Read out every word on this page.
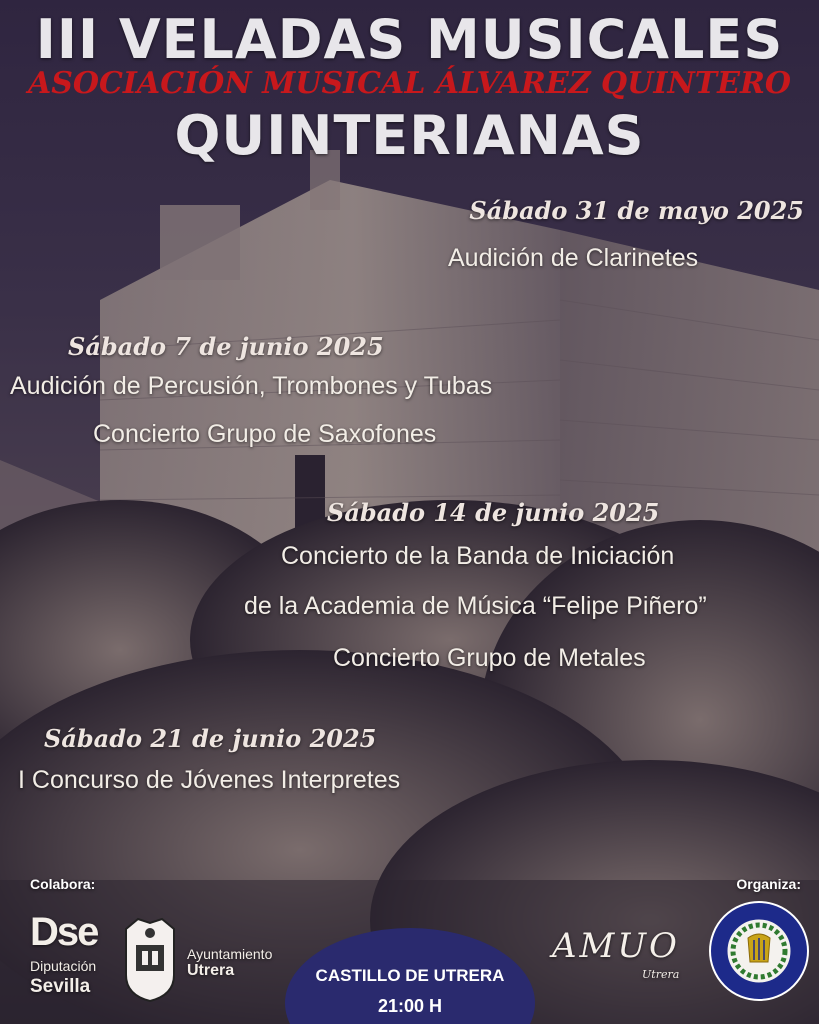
III VELADAS MUSICALES
ASOCIACIÓN MUSICAL ÁLVAREZ QUINTERO
QUINTERIANAS
Sábado 31 de mayo 2025
Audición de Clarinetes
Sábado 7 de junio 2025
Audición de Percusión, Trombones y Tubas
Concierto Grupo de Saxofones
Sábado 14 de junio 2025
Concierto de la Banda de Iniciación
de la Academia de Música “Felipe Piñero”
Concierto Grupo de Metales
Sábado 21 de junio 2025
I Concurso de Jóvenes Interpretes
Colabora:	Organiza:
Dse
Diputación
Sevilla
Ayuntamiento
Utrera	CASTILLO DE UTRERA
21:00 H
AMUO
Utrera
